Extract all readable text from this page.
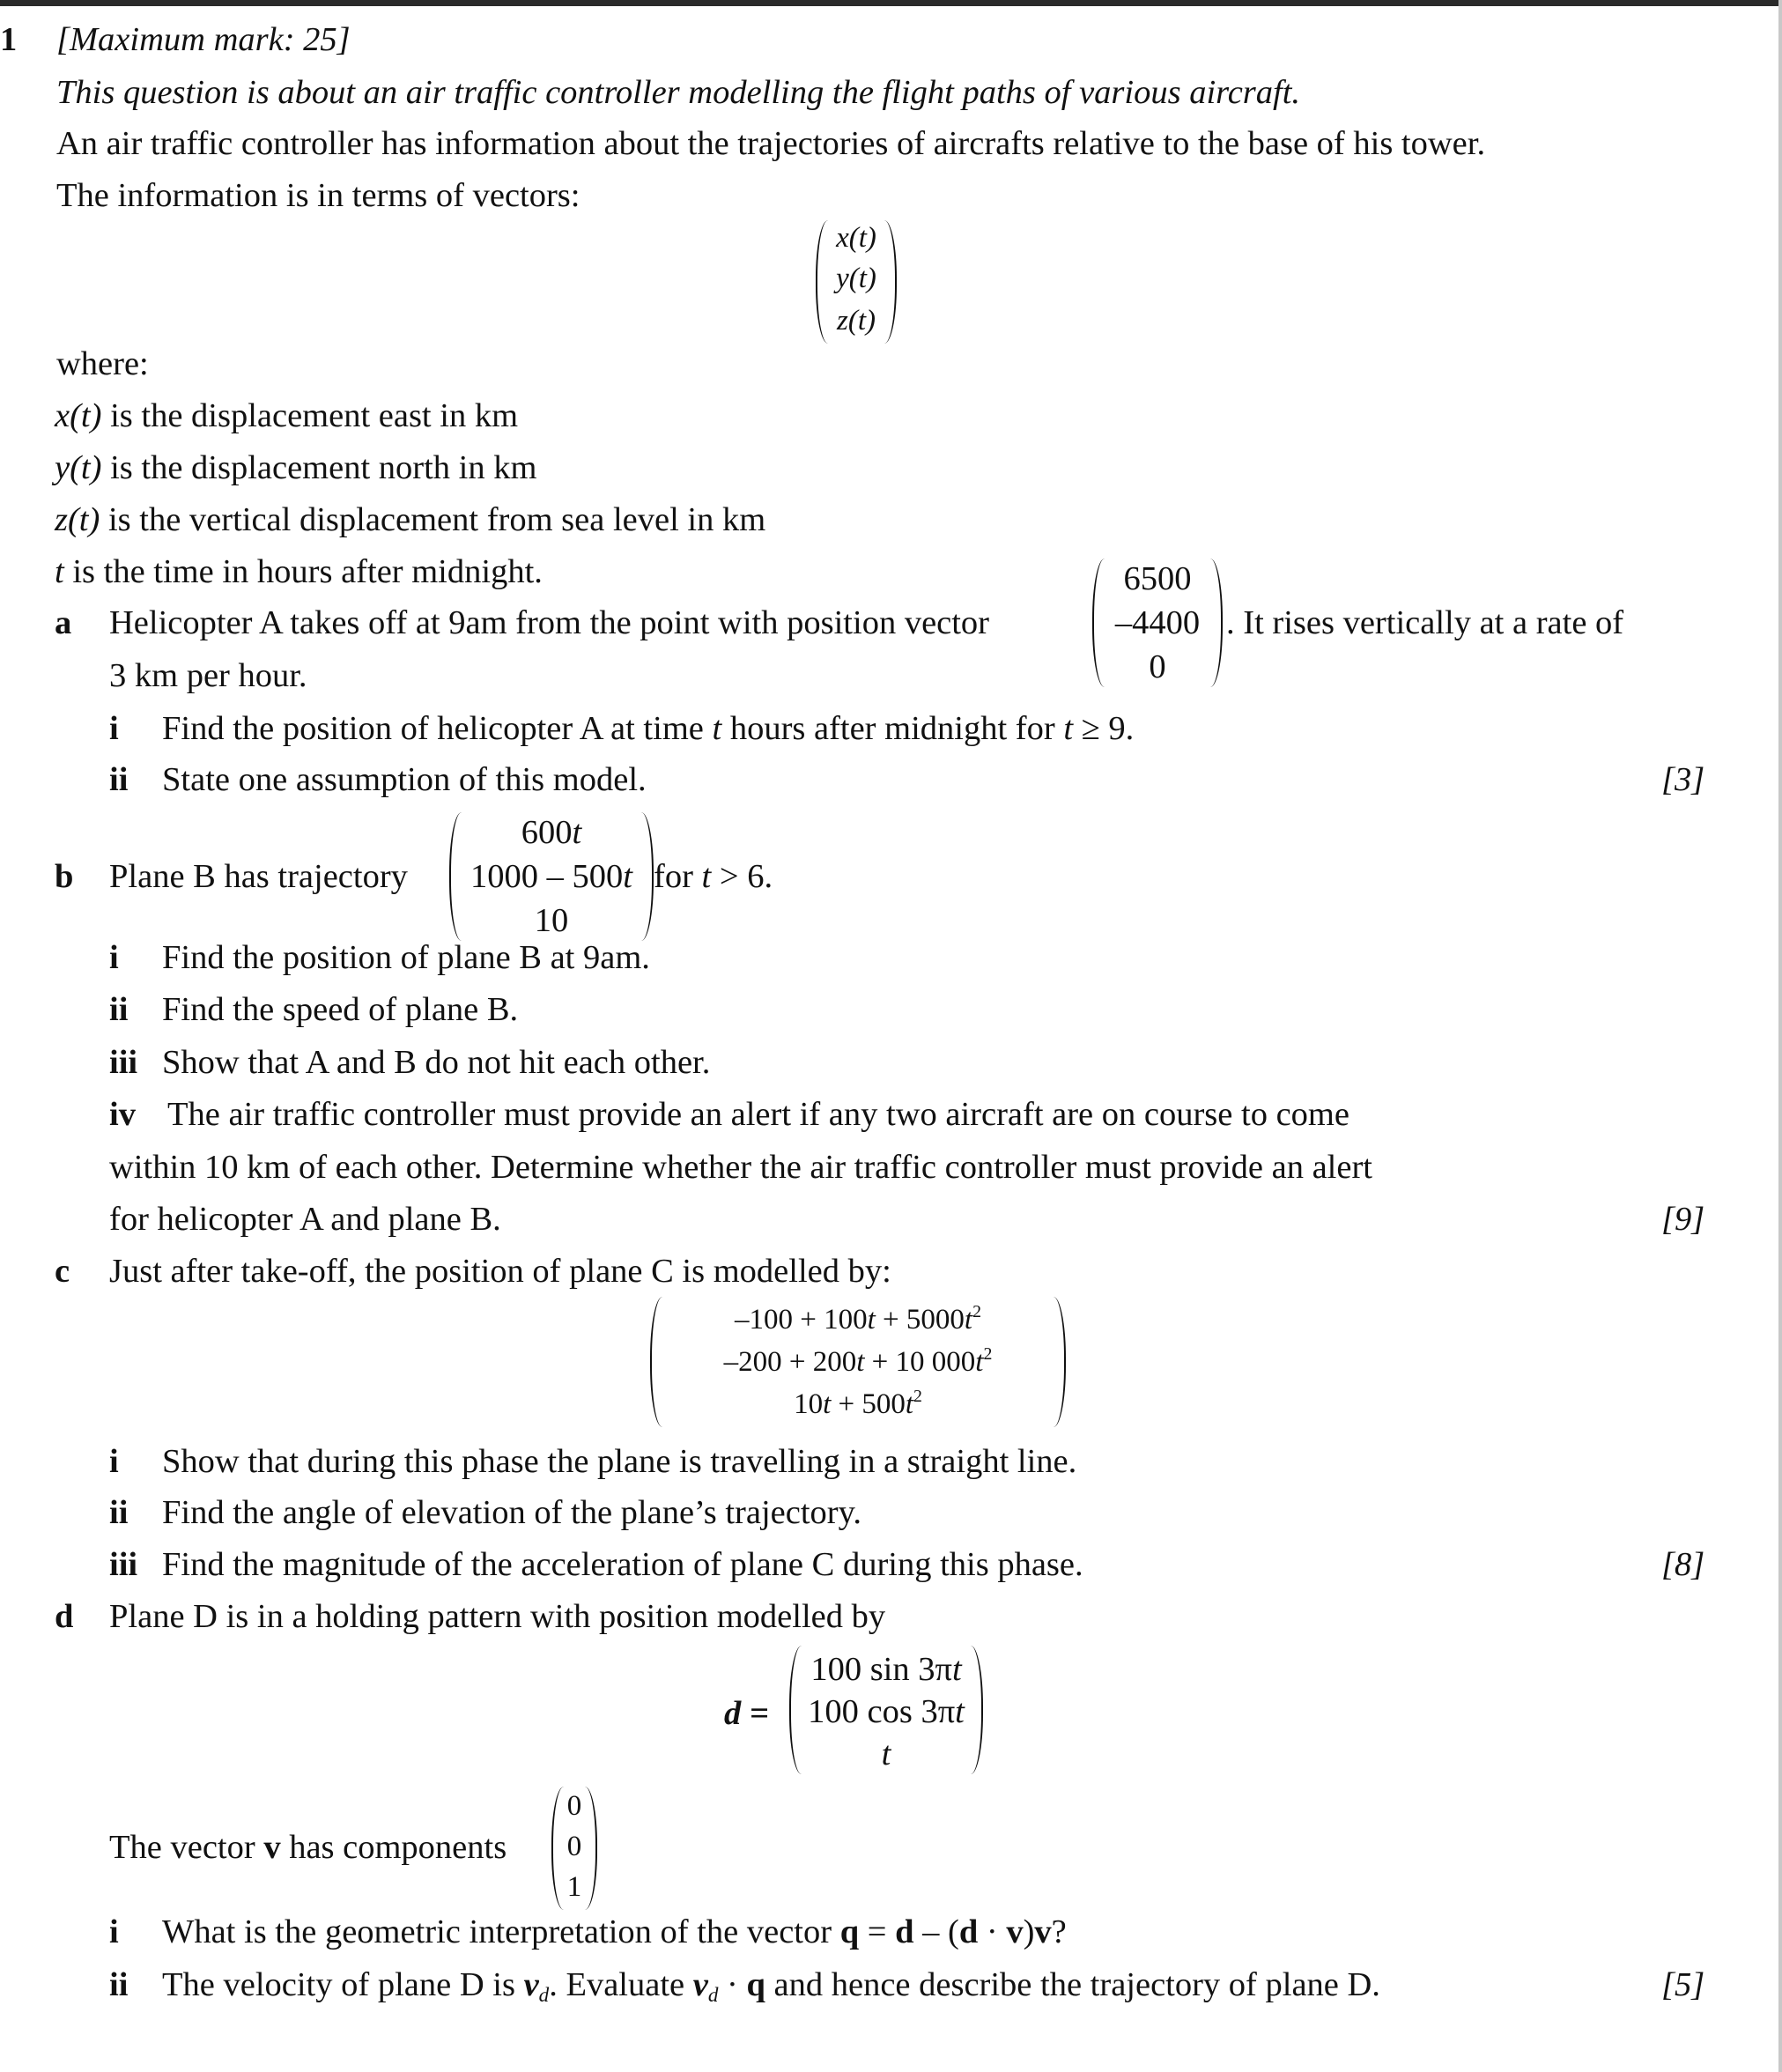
1 [Maximum mark: 25]
This question is about an air traffic controller modelling the flight paths of various aircraft.
An air traffic controller has information about the trajectories of aircrafts relative to the base of his tower.
The information is in terms of vectors:
x(t)
y(t)
z(t)
where:
x(t) is the displacement east in km
y(t) is the displacement north in km
z(t) is the vertical displacement from sea level in km
t is the time in hours after midnight.
a Helicopter A takes off at 9am from the point with position vector
6500
–4400
0
. It rises vertically at a rate of
3 km per hour.
i Find the position of helicopter A at time t hours after midnight for t ≥ 9.
ii State one assumption of this model.	[3]
b Plane B has trajectory
600t
1000 – 500t
10
for t > 6.
i Find the position of plane B at 9am.
ii Find the speed of plane B.
iii Show that A and B do not hit each other.
iv The air traffic controller must provide an alert if any two aircraft are on course to come
within 10 km of each other. Determine whether the air traffic controller must provide an alert
for helicopter A and plane B.	[9]
c Just after take-off, the position of plane C is modelled by:
$-100 + 100t + 5000t^2$
–200 + 200t + 10 $000t^2$
$10t + 500t^2$
i Show that during this phase the plane is travelling in a straight line.
ii Find the angle of elevation of the plane’s trajectory.
iii Find the magnitude of the acceleration of plane C during this phase.	[8]
d Plane D is in a holding pattern with position modelled by
d =
100 sin 3πt
100 cos 3πt
t
The vector v has components
0
0
1
i What is the geometric interpretation of the vector q = d – (d · v)v?
ii The velocity of plane D is $v_d$. Evaluate $v_d \cdot q$ and hence describe the trajectory of plane D.	[5]
